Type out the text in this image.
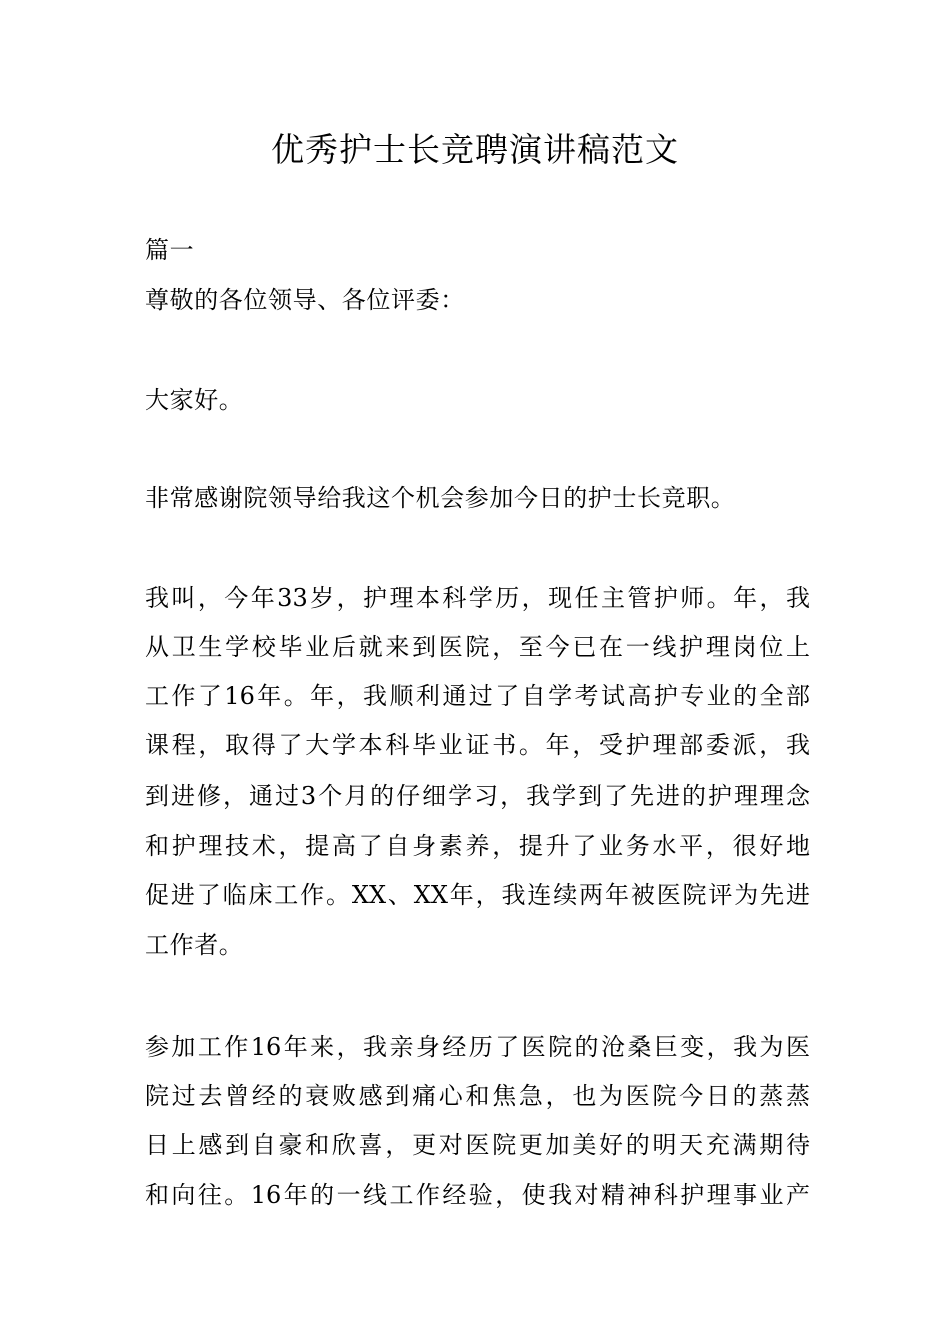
优秀护士长竞聘演讲稿范文
篇一
尊敬的各位领导、各位评委：
大家好。
非常感谢院领导给我这个机会参加今日的护士长竞职。
我叫，今年33岁，护理本科学历，现任主管护师。年，我
从卫生学校毕业后就来到医院，至今已在一线护理岗位上
工作了16年。年，我顺利通过了自学考试高护专业的全部
课程，取得了大学本科毕业证书。年，受护理部委派，我
到进修，通过3个月的仔细学习，我学到了先进的护理理念
和护理技术，提高了自身素养，提升了业务水平，很好地
促进了临床工作。XX、XX年，我连续两年被医院评为先进
工作者。
参加工作16年来，我亲身经历了医院的沧桑巨变，我为医
院过去曾经的衰败感到痛心和焦急，也为医院今日的蒸蒸
日上感到自豪和欣喜，更对医院更加美好的明天充满期待
和向往。16年的一线工作经验，使我对精神科护理事业产
